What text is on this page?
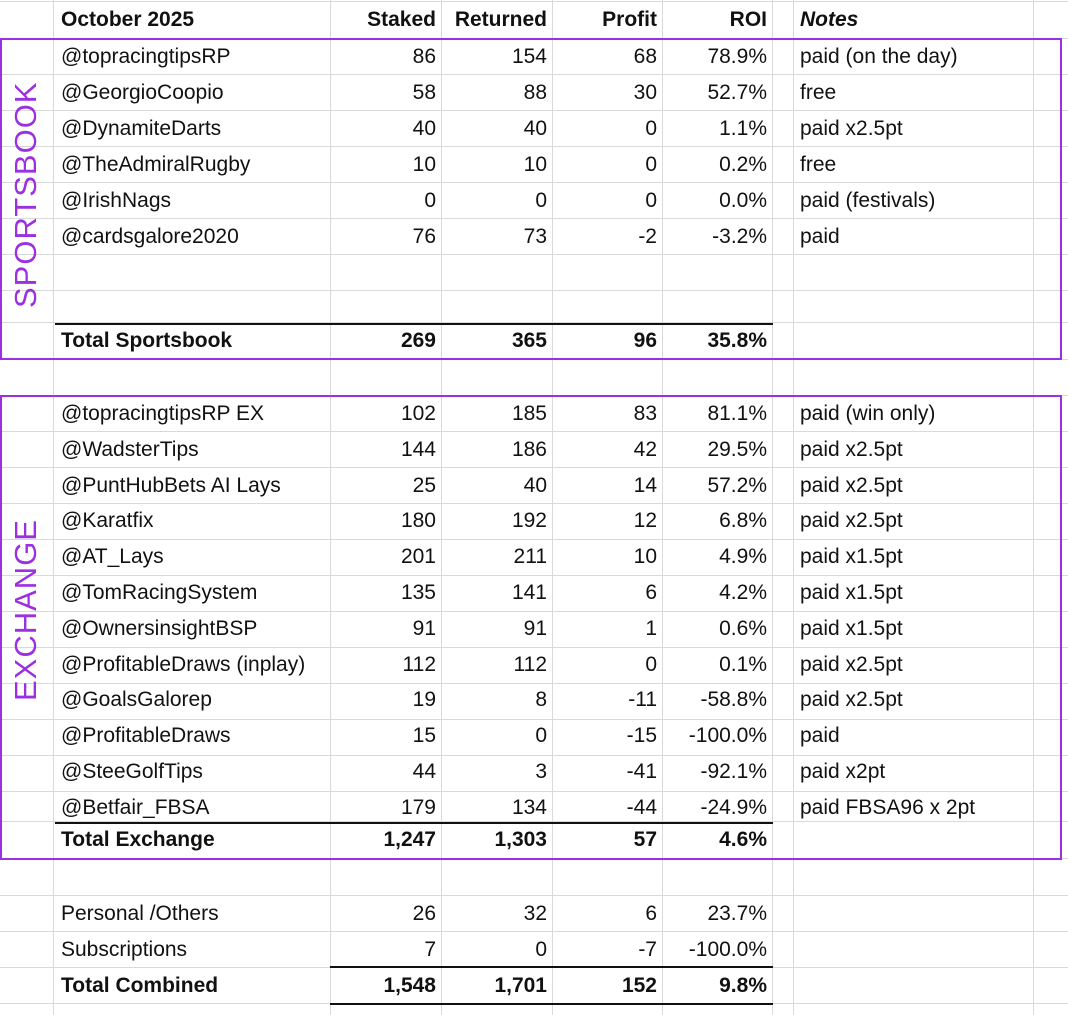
October 2025	Staked Returned	Profit	ROI Notes
SPORTSBOOK
@topracingtipsRP	86	154	68	78.9% paid (on the day)
@GeorgioCoopio	58	88	30	52.7% free
@DynamiteDarts	40	40	0	1.1% paid x2.5pt
@TheAdmiralRugby	10	10	0	0.2% free
@IrishNags	0	0	0	0.0% paid (festivals)
@cardsgalore2020	76	73	-2	-3.2% paid
Total Sportsbook	269	365	96	35.8%
EXCHANGE
@topracingtipsRP EX	102	185	83	81.1% paid (win only)
@WadsterTips	144	186	42	29.5% paid x2.5pt
@PuntHubBets AI Lays	25	40	14	57.2% paid x2.5pt
@Karatfix	180	192	12	6.8% paid x2.5pt
@AT_Lays	201	211	10	4.9% paid x1.5pt
@TomRacingSystem	135	141	6	4.2% paid x1.5pt
@OwnersinsightBSP	91	91	1	0.6% paid x1.5pt
@ProfitableDraws (inplay)	112	112	0	0.1% paid x2.5pt
@GoalsGalorep	19	8	-11	-58.8% paid x2.5pt
@ProfitableDraws	15	0	-15	-100.0% paid
@SteeGolfTips	44	3	-41	-92.1% paid x2pt
@Betfair_FBSA	179	134	-44	-24.9% paid FBSA96 x 2pt
Total Exchange	1,247	1,303	57	4.6%
Personal /Others	26	32	6	23.7%
Subscriptions	7	0	-7	-100.0%
Total Combined	1,548	1,701	152	9.8%
